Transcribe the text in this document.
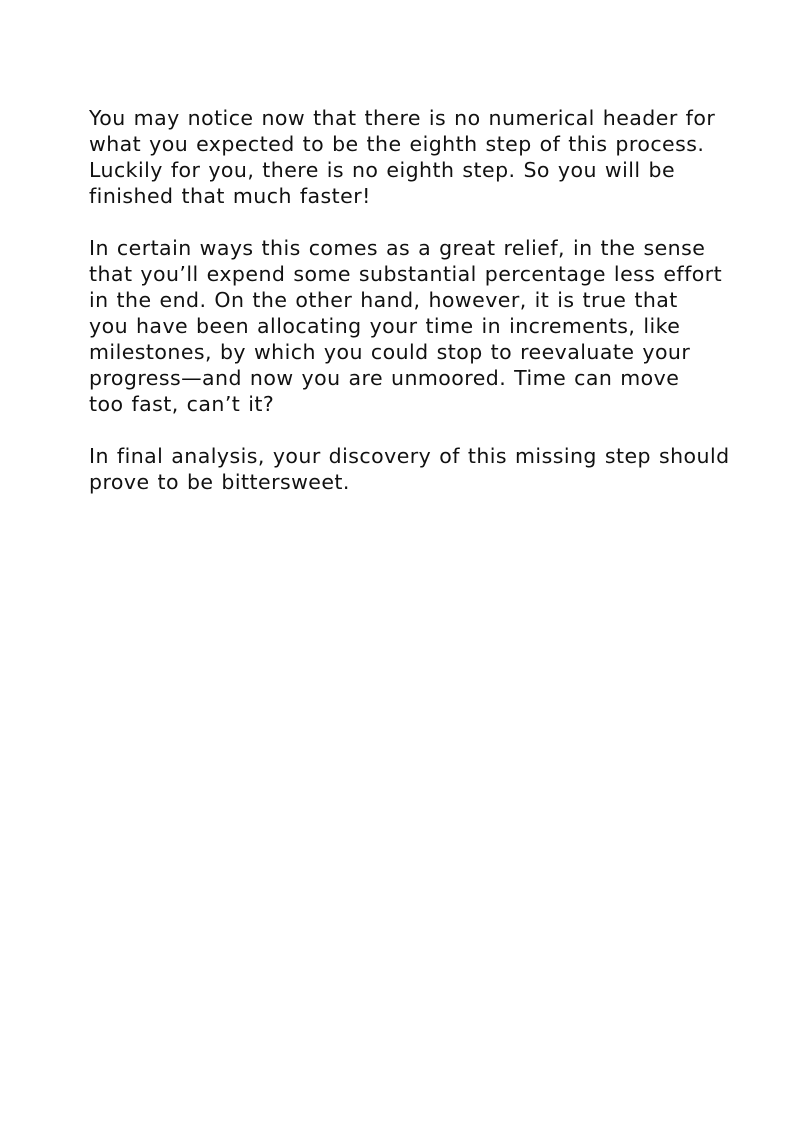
You may notice now that there is no numerical header for
what you expected to be the eighth step of this process.
Luckily for you, there is no eighth step. So you will be
finished that much faster!

In certain ways this comes as a great relief, in the sense
that you’ll expend some substantial percentage less effort
in the end. On the other hand, however, it is true that
you have been allocating your time in increments, like
milestones, by which you could stop to reevaluate your
progress—and now you are unmoored. Time can move
too fast, can’t it?

In final analysis, your discovery of this missing step should
prove to be bittersweet.
